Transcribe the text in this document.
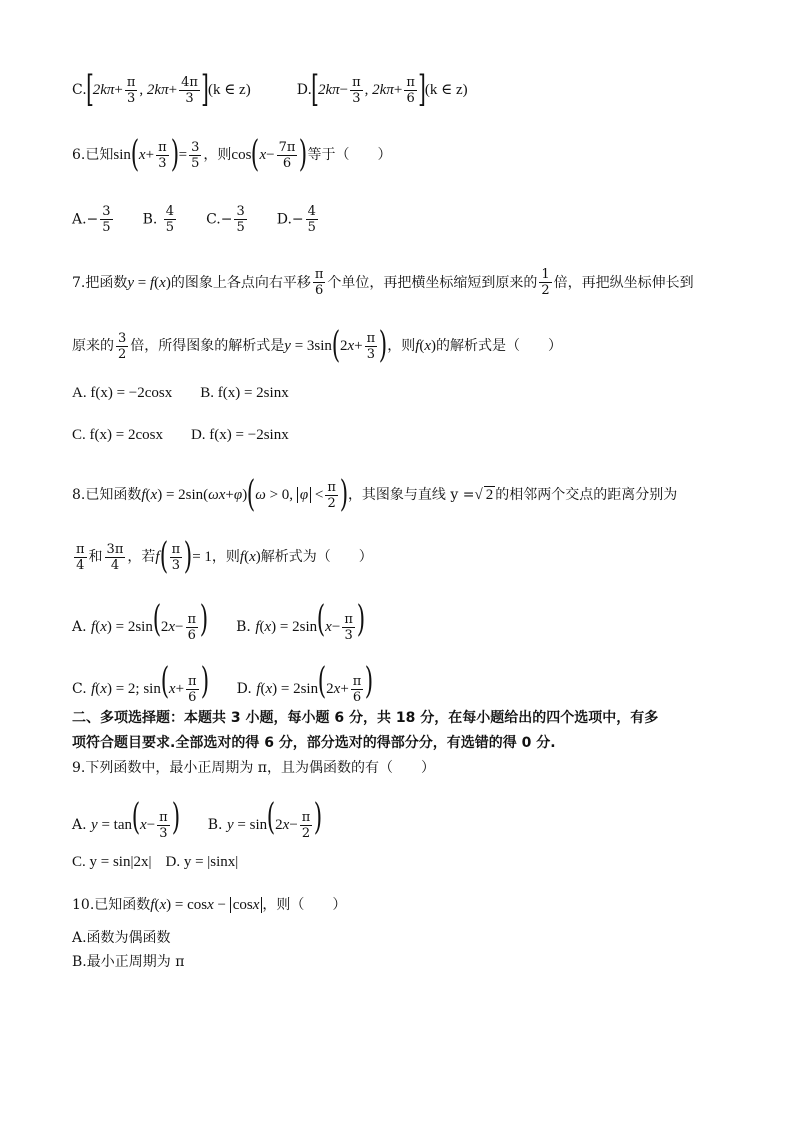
C. [ $2k\pi+ \frac{\pi}{3}$ , $2k\pi+ \frac{4\pi}{3}$ ] (k ∈ z)	D. [ $2k\pi- \frac{\pi}{3}$ , $2k\pi+ \frac{\pi}{6}$ ] (k ∈ z)
6.已知 sin ( $x + \frac{\pi}{3}$ ) = $\frac{3}{5}$ ，则 cos ( $x - \frac{7\pi}{6}$ ) 等于（　　）
$A.- \frac{3}{5} B$. $\frac{4}{5} C.- \frac{3}{5} D.- \frac{4}{5}$
7.把函数 y = f(x) 的图象上各点向右平移 $\frac{\pi}{6}$ 个单位，再把横坐标缩短到原来的 $\frac{1}{2}$ 倍，再把纵坐标伸长到
原来的 $\frac{3}{2}$ 倍，所得图象的解析式是 y = 3sin ( $2x+ \frac{\pi}{3}$ ) ，则 f(x) 的解析式是（　　）
A. f(x) = −2cosx B. f(x) = 2sinx
C. f(x) = 2cosx D. f(x) = −2sinx
8.已知函数 f(x) = 2sin(ωx+φ) ( ω > 0, $\varphi < \frac{\pi}{2}$ ) ，其图象与直线 y = √ 2 的相邻两个交点的距离分别为
$\frac{\pi}{4}$ 和 $\frac{3\pi}{4}$ ，若 f ( $\frac{\pi}{3}$ ) = 1 ，则 f(x) 解析式为（　　）
A. $f(x) = 2\sin(2x- \frac{\pi}{6}$ ) B. $f(x) = 2\sin(x- \frac{\pi}{3}$ )
C. f(x) = 2; $\sin(x+ \frac{\pi}{6}$ ) D. $f(x) = 2\sin(2x+ \frac{\pi}{6}$ )
二、多项选择题：本题共 3 小题，每小题 6 分，共 18 分，在每小题给出的四个选项中，有多
项符合题目要求.全部选对的得 6 分，部分选对的得部分分，有选错的得 0 分.
9.下列函数中，最小正周期为 π，且为偶函数的有（　　）
A. $y = \tan(x- \frac{\pi}{3}$ ) B. $y = \sin(2x- \frac{\pi}{2}$ )
C. y = sin|2x| D. y = |sinx|
10.已知函数 f(x) = cosx − cosx ，则（　　）
A.函数为偶函数
B.最小正周期为 π
